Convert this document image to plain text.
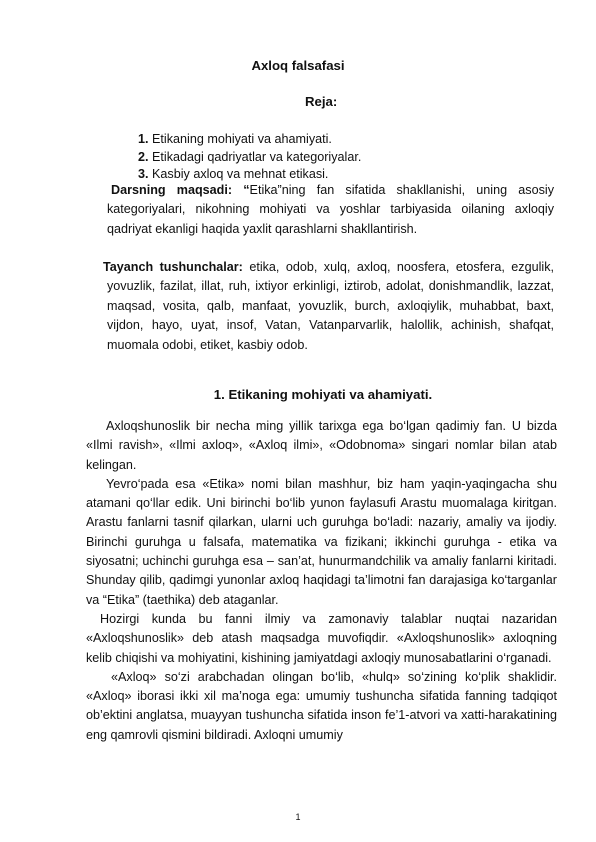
Axloq falsafasi
Reja:
1. Etikaning mohiyati va ahamiyati.
2. Etikadagi qadriyatlar va kategoriyalar.
3. Kasbiy axloq va mehnat etikasi.
Darsning maqsadi: “Etika”ning fan sifatida shakllanishi, uning asosiy kategoriyalari, nikohning mohiyati va yoshlar tarbiyasida oilaning axloqiy qadriyat ekanligi haqida yaxlit qarashlarni shakllantirish.
Tayanch tushunchalar: etika, odob, xulq, axloq, noosfera, etosfera, ezgulik, yovuzlik, fazilat, illat, ruh, ixtiyor erkinligi, iztirob, adolat, donishmandlik, lazzat, maqsad, vosita, qalb, manfaat, yovuzlik, burch, axloqiylik, muhabbat, baxt, vijdon, hayo, uyat, insof, Vatan, Vatanparvarlik, halollik, achinish, shafqat, muomala odobi, etiket, kasbiy odob.
1. Etikaning mohiyati va ahamiyati.

Axloqshunoslik bir necha ming yillik tarixga ega bo‘lgan qadimiy fan. U bizda «Ilmi ravish», «Ilmi axloq», «Axloq ilmi», «Odobnoma» singari nomlar bilan atab kelingan.

Yevro‘pada esa «Etika» nomi bilan mashhur, biz ham yaqin-yaqingacha shu atamani qo‘llar edik. Uni birinchi bo‘lib yunon faylasufi Arastu muomalaga kiritgan. Arastu fanlarni tasnif qilarkan, ularni uch guruhga bo‘ladi: nazariy, amaliy va ijodiy. Birinchi guruhga u falsafa, matematika va fizikani; ikkinchi guruhga - etika va siyosatni; uchinchi guruhga esa – san’at, hunurmandchilik va amaliy fanlarni kiritadi. Shunday qilib, qadimgi yunonlar axloq haqidagi ta’limotni fan darajasiga ko‘targanlar va “Etika” (taethika) deb ataganlar.

Hozirgi kunda bu fanni ilmiy va zamonaviy talablar nuqtai nazaridan «Axloqshunoslik» deb atash maqsadga muvofiqdir. «Axloqshunoslik» axloqning kelib chiqishi va mohiyatini, kishining jamiyatdagi axloqiy munosabatlarini o‘rganadi.

«Axloq» so‘zi arabchadan olingan bo‘lib, «hulq» so‘zining ko‘plik shaklidir. «Axloq» iborasi ikki xil ma’noga ega: umumiy tushuncha sifatida fanning tadqiqot ob’ektini anglatsa, muayyan tushuncha sifatida inson fe’1-atvori va xatti-harakatining eng qamrovli qismini bildiradi. Axloqni umumiy

1
